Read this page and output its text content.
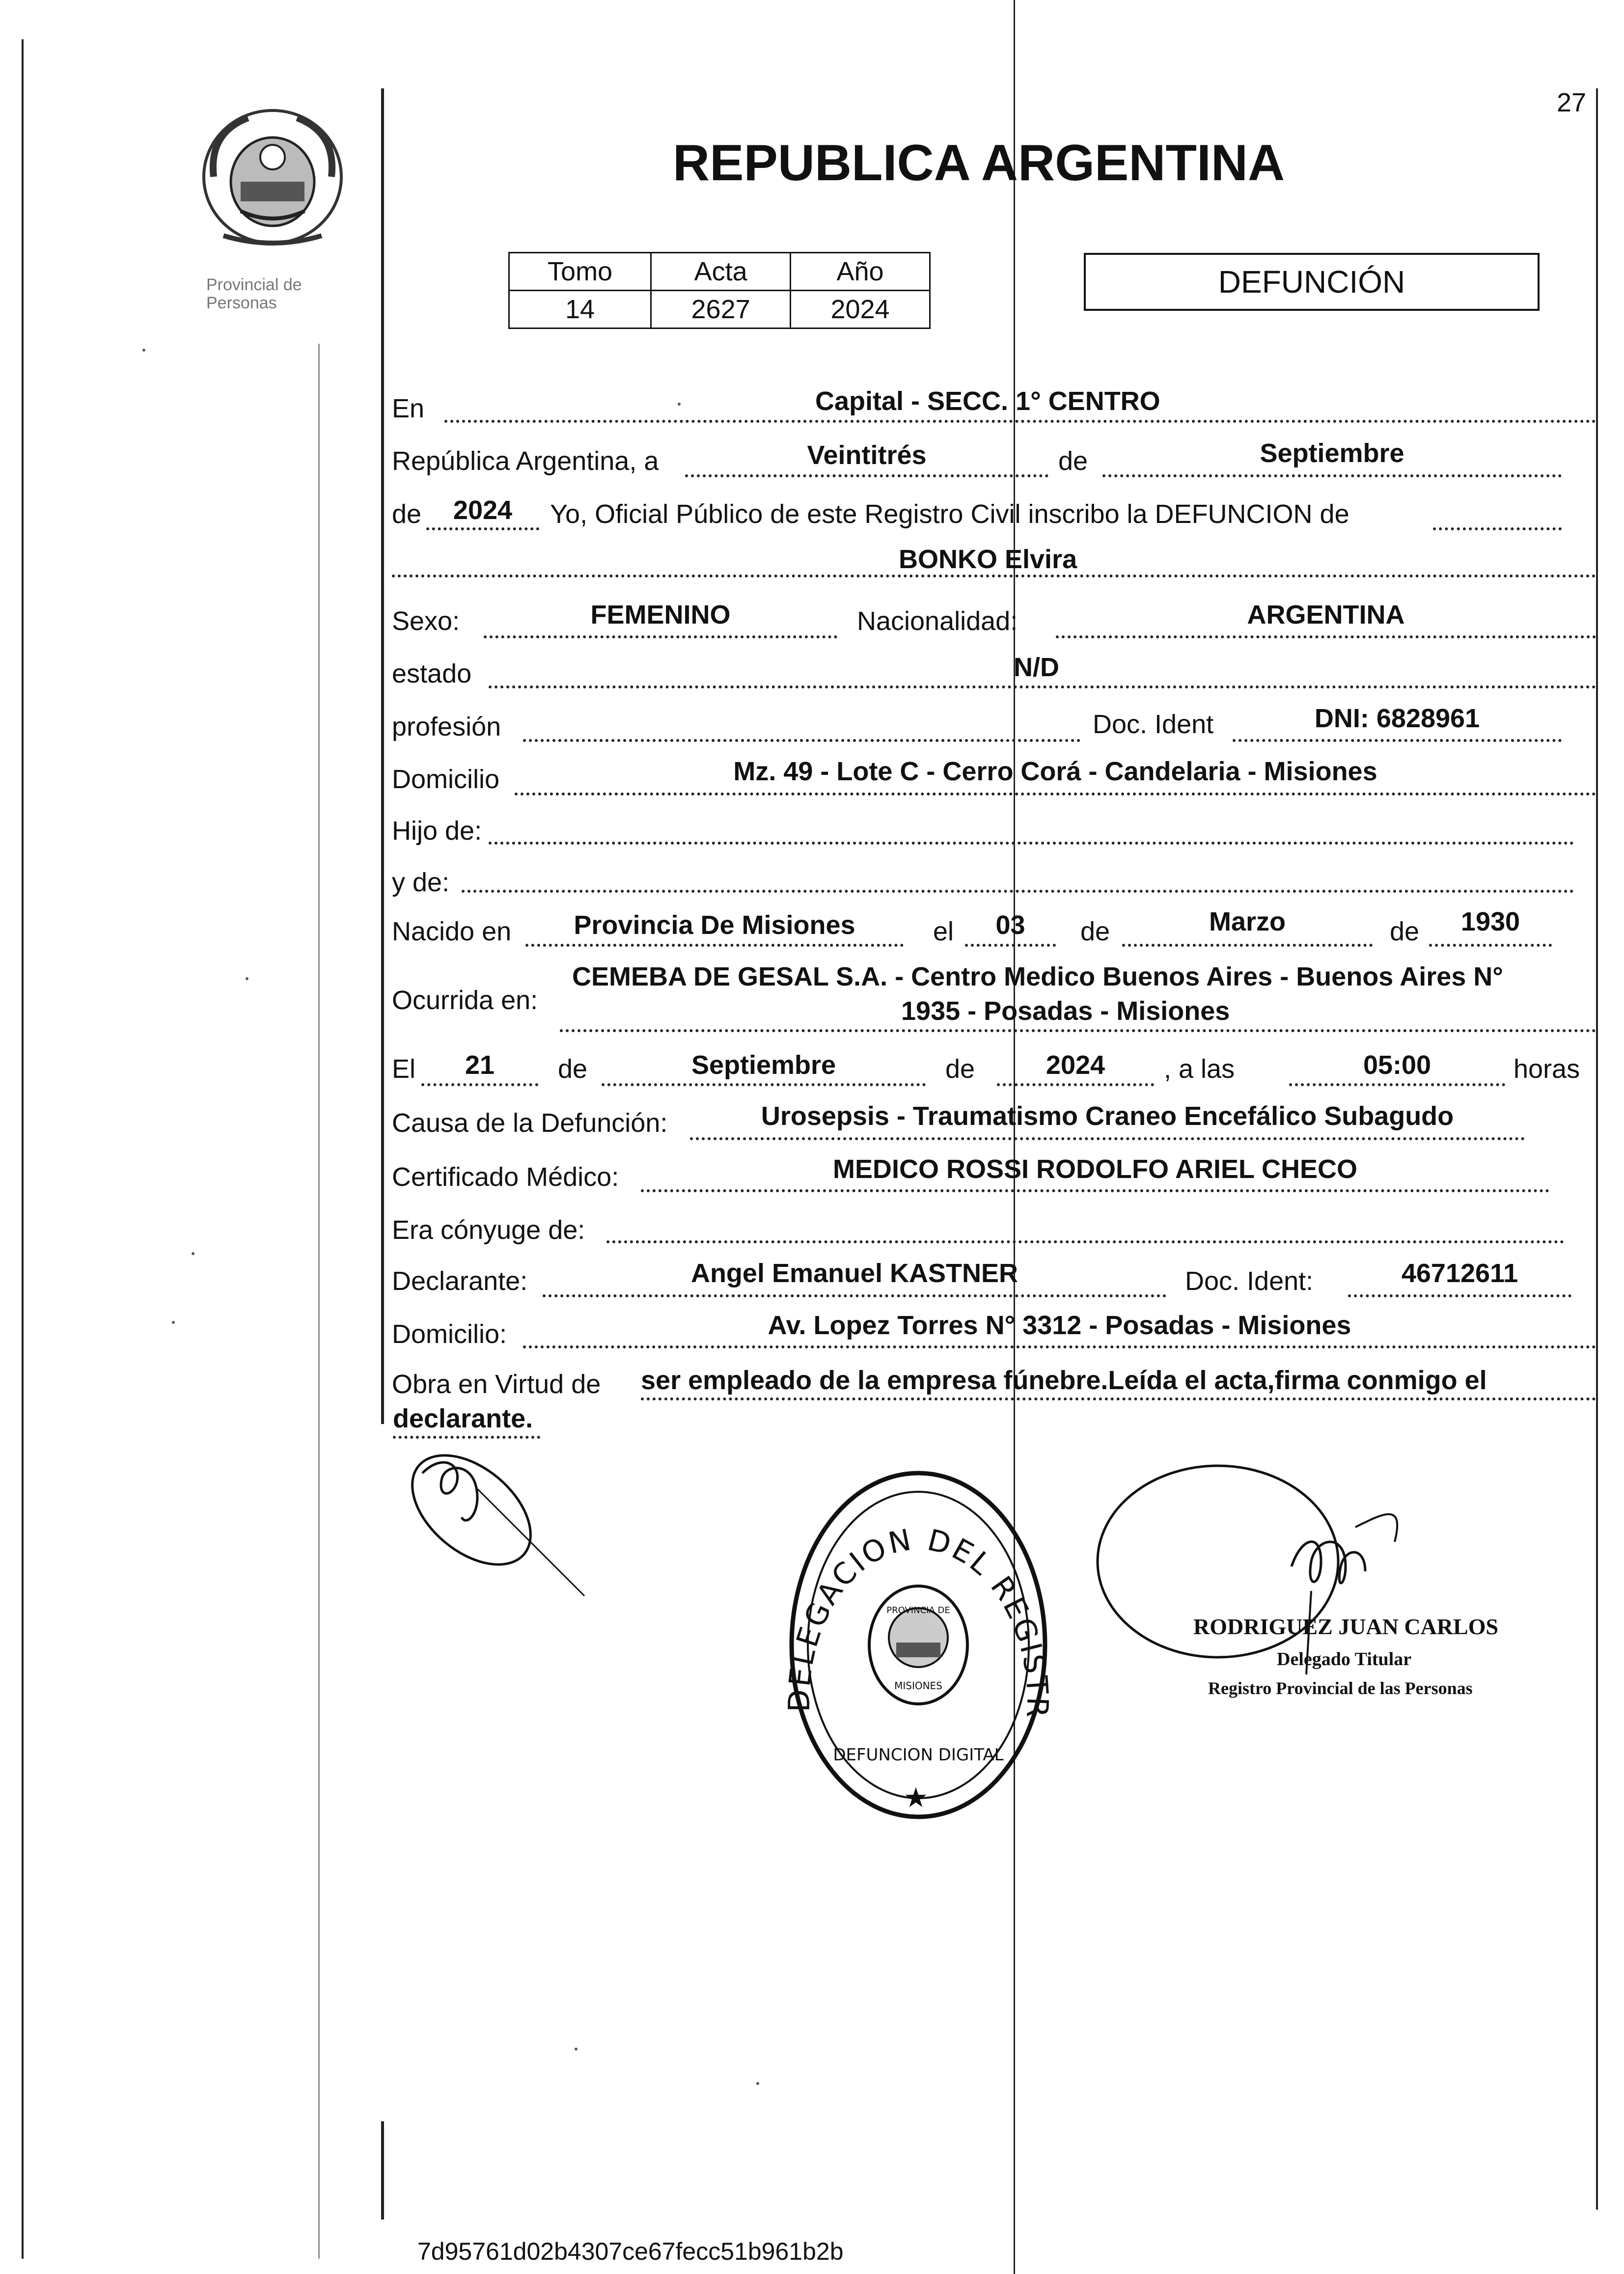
27
Provincial de Personas
REPUBLICA ARGENTINA
Tomo	Acta	Año
14	2627	2024
DEFUNCIÓN
En	Capital - SECC. 1° CENTRO
República Argentina, a	Veintitrés	de	Septiembre
de	2024	Yo, Oficial Público de este Registro Civil inscribo la DEFUNCION de
BONKO Elvira
Sexo:	FEMENINO	Nacionalidad:	ARGENTINA
estado	N/D
profesión	Doc. Ident	DNI: 6828961
Domicilio	Mz. 49 - Lote C - Cerro Corá - Candelaria - Misiones
Hijo de:
y de:
Nacido en	Provincia De Misiones	el	03	de	Marzo	de	1930
Ocurrida en:
CEMEBA DE GESAL S.A. - Centro Medico Buenos Aires - Buenos Aires N°
1935 - Posadas - Misiones
El	21	de	Septiembre	de	2024	, a las	05:00	horas
Causa de la Defunción:	Urosepsis - Traumatismo Craneo Encefálico Subagudo
Certificado Médico:	MEDICO ROSSI RODOLFO ARIEL CHECO
Era cónyuge de:
Declarante:	Angel Emanuel KASTNER	Doc. Ident:	46712611
Domicilio:	Av. Lopez Torres N° 3312 - Posadas - Misiones
Obra en Virtud de ser empleado de la empresa fúnebre.Leída el acta,firma conmigo el
declarante.
ELEGACION DEL REGIS
DEFUNCION DIGITAL
PROVINCIA DE
MISIONES
★
RODRIGUEZ JUAN CARLOS
Delegado Titular
Registro Provincial de las Personas
7d95761d02b4307ce67fecc51b961b2b
